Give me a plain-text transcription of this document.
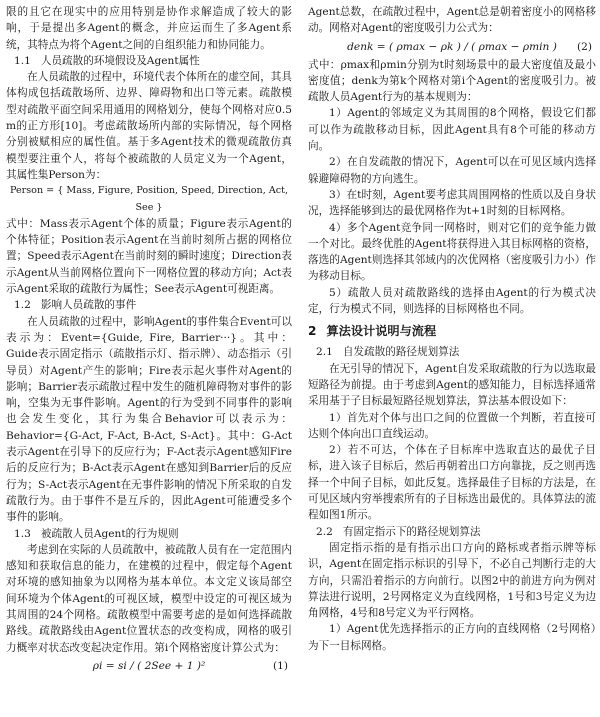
限的且它在现实中的应用特别是协作求解造成了较大的影响，于是提出多Agent的概念，并应运而生了多Agent系统，其特点为将个Agent之间的自组织能力和协同能力。

1.1 人员疏散的环境假设及Agent属性

在人员疏散的过程中，环境代表个体所在的虚空间，其具体构成包括疏散场所、边界、障碍物和出口等元素。疏散模型对疏散平面空间采用通用的网格划分，使每个网格对应0.5 m的正方形[10]。考虑疏散场所内部的实际情况，每个网格分别被赋相应的属性值。基于多Agent技术的微观疏散仿真模型要注重个人，将每个被疏散的人员定义为一个Agent，其属性集Person为：

Person = { Mass, Figure, Position, Speed, Direction, Act, See }

式中：Mass表示Agent个体的质量；Figure表示Agent的个体特征；Position表示Agent在当前时刻所占据的网格位置；Speed表示Agent在当前时刻的瞬时速度；Direction表示Agent从当前网格位置向下一网格位置的移动方向；Act表示Agent采取的疏散行为属性；See表示Agent可视距离。

1.2 影响人员疏散的事件

在人员疏散的过程中，影响Agent的事件集合Event可以表示为：Event={Guide, Fire, Barrier···}。其中：Guide表示固定指示（疏散指示灯、指示牌）、动态指示（引导员）对Agent产生的影响；Fire表示起火事件对Agent的影响；Barrier表示疏散过程中发生的随机障碍物对事件的影响，空集为无事件影响。Agent的行为受到不同事件的影响也会发生变化，其行为集合Behavior可以表示为：Behavior={G-Act, F-Act, B-Act, S-Act}。其中：G-Act表示Agent在引导下的反应行为；F-Act表示Agent感知Fire后的反应行为；B-Act表示Agent在感知到Barrier后的反应行为；S-Act表示Agent在无事件影响的情况下所采取的自发疏散行为。由于事件不是互斥的，因此Agent可能遭受多个事件的影响。

1.3 被疏散人员Agent的行为规则

考虑到在实际的人员疏散中，被疏散人员有在一定范围内感知和获取信息的能力，在建模的过程中，假定每个Agent对环境的感知抽象为以网格为基本单位。本文定义该局部空间环境为个体Agent的可视区域，模型中设定的可视区域为其周围的24个网格。疏散模型中需要考虑的是如何选择疏散路线。疏散路线由Agent位置状态的改变构成，网格的吸引力概率对状态改变起决定作用。第i个网格密度计算公式为：

ρi = si / ( 2See + 1 )²	(1)

Agent总数，在疏散过程中，Agent总是朝着密度小的网格移动。网格对Agent的密度吸引力公式为：

denk = ( ρmax − ρk ) / ( ρmax − ρmin )	(2)

式中：ρmax和ρmin分别为t时刻场景中的最大密度值及最小密度值；denk为第k个网格对第i个Agent的密度吸引力。被疏散人员Agent行为的基本规则为：

1）Agent的邻域定义为其周围的8个网格，假设它们都可以作为疏散移动目标，因此Agent具有8个可能的移动方向。

2）在自发疏散的情况下，Agent可以在可见区域内选择躲避障碍物的方向逃生。

3）在t时刻，Agent要考虑其周围网格的性质以及自身状况，选择能够到达的最优网格作为t+1时刻的目标网格。

4）多个Agent竞争同一网格时，则对它们的竞争能力做一个对比。最终优胜的Agent将获得进入其目标网格的资格，落选的Agent则选择其邻域内的次优网格（密度吸引力小）作为移动目标。

5）疏散人员对疏散路线的选择由Agent的行为模式决定，行为模式不同，则选择的目标网格也不同。

2 算法设计说明与流程
2.1 自发疏散的路径规划算法

在无引导的情况下，Agent自发采取疏散的行为以选取最短路径为前提。由于考虑到Agent的感知能力，目标选择通常采用基于子目标最短路径规划算法，算法基本假设如下：

1）首先对个体与出口之间的位置做一个判断，若直接可达则个体向出口直线运动。

2）若不可达，个体在子目标库中选取直达的最优子目标，进入该子目标后，然后再朝着出口方向靠拢，反之则再选择一个中间子目标，如此反复。选择最佳子目标的方法是，在可见区域内穷举搜索所有的子目标选出最优的。具体算法的流程如图1所示。

2.2 有固定指示下的路径规划算法

固定指示指的是有指示出口方向的路标或者指示牌等标识，Agent在固定指示标识的引导下，不必自己判断行走的大方向，只需沿着指示的方向前行。以图2中的前进方向为例对算法进行说明，2号网格定义为直线网格，1号和3号定义为边角网格，4号和8号定义为平行网格。

1）Agent优先选择指示的正方向的直线网格（2号网格）为下一目标网格。
